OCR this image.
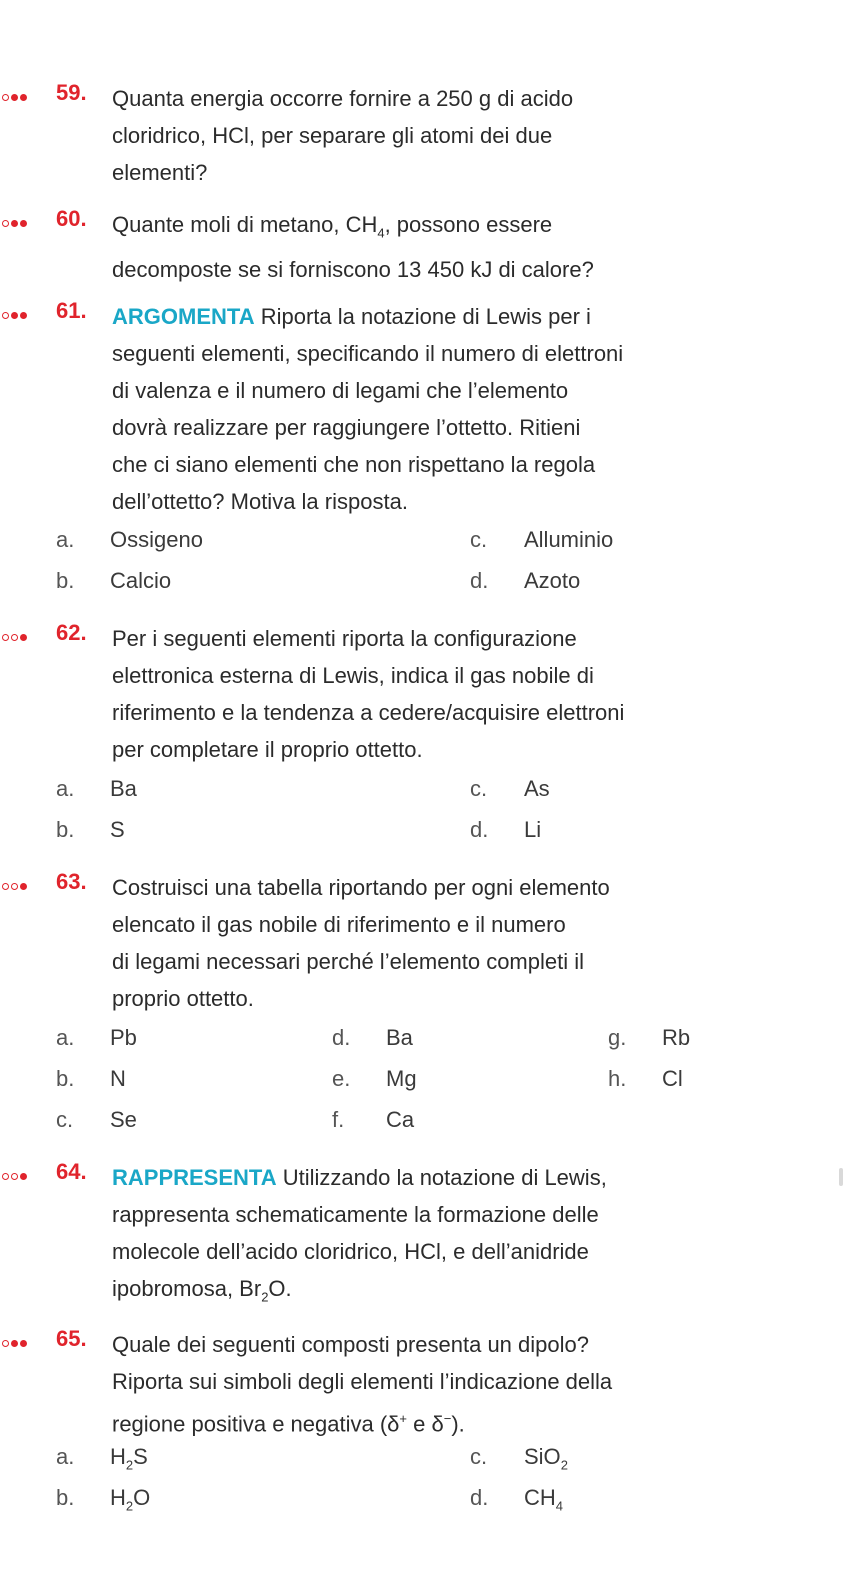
59. Quanta energia occorre fornire a 250 g di acido
cloridrico, HCl, per separare gli atomi dei due
elementi?
60. Quante moli di metano, $CH_4$, possono essere
decomposte se si forniscono 13 450 kJ di calore?
61. ARGOMENTA Riporta la notazione di Lewis per i
seguenti elementi, specificando il numero di elettroni
di valenza e il numero di legami che l’elemento
dovrà realizzare per raggiungere l’ottetto. Ritieni
che ci siano elementi che non rispettano la regola
dell’ottetto? Motiva la risposta.
a. Ossigeno
b. Calcio
c. Alluminio
d. Azoto
62. Per i seguenti elementi riporta la configurazione
elettronica esterna di Lewis, indica il gas nobile di
riferimento e la tendenza a cedere/acquisire elettroni
per completare il proprio ottetto.
a. Ba
b. S
c. As
d. Li
63. Costruisci una tabella riportando per ogni elemento
elencato il gas nobile di riferimento e il numero
di legami necessari perché l’elemento completi il
proprio ottetto.
a. Pb
b. N
c. Se
d. Ba
e. Mg
f. Ca
g. Rb
h. Cl
64. RAPPRESENTA Utilizzando la notazione di Lewis,
rappresenta schematicamente la formazione delle
molecole dell’acido cloridrico, HCl, e dell’anidride
ipobromosa, $Br_2O$.
65. Quale dei seguenti composti presenta un dipolo?
Riporta sui simboli degli elementi l’indicazione della
regione positiva e negativa (δ+ e δ−).
a. $H_2S$
b. $H_2O$
c. SiO$_2$
d. $CH_4$
